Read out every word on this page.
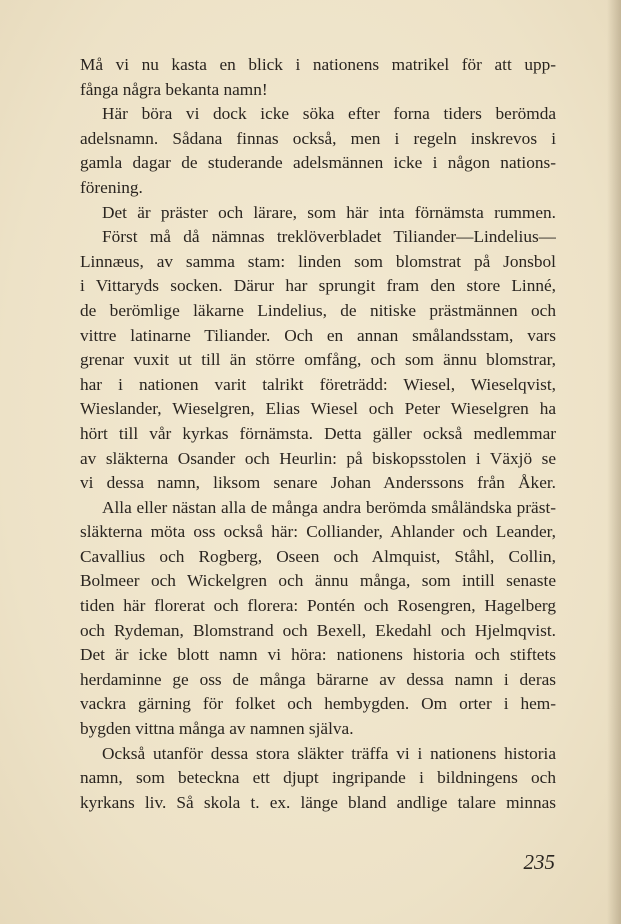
Må vi nu kasta en blick i nationens matrikel för att upp-
fånga några bekanta namn!
Här böra vi dock icke söka efter forna tiders berömda
adelsnamn. Sådana finnas också, men i regeln inskrevos i
gamla dagar de studerande adelsmännen icke i någon nations-
förening.
Det är präster och lärare, som här inta förnämsta rummen.
Först må då nämnas treklöverbladet Tiliander—Lindelius—
Linnæus, av samma stam: linden som blomstrat på Jonsbol
i Vittaryds socken. Därur har sprungit fram den store Linné,
de berömlige läkarne Lindelius, de nitiske prästmännen och
vittre latinarne Tiliander. Och en annan smålandsstam, vars
grenar vuxit ut till än större omfång, och som ännu blomstrar,
har i nationen varit talrikt företrädd: Wiesel, Wieselqvist,
Wieslander, Wieselgren, Elias Wiesel och Peter Wieselgren ha
hört till vår kyrkas förnämsta. Detta gäller också medlemmar
av släkterna Osander och Heurlin: på biskopsstolen i Växjö se
vi dessa namn, liksom senare Johan Anderssons från Åker.
Alla eller nästan alla de många andra berömda småländska präst-
släkterna möta oss också här: Colliander, Ahlander och Leander,
Cavallius och Rogberg, Oseen och Almquist, Ståhl, Collin,
Bolmeer och Wickelgren och ännu många, som intill senaste
tiden här florerat och florera: Pontén och Rosengren, Hagelberg
och Rydeman, Blomstrand och Bexell, Ekedahl och Hjelmqvist.
Det är icke blott namn vi höra: nationens historia och stiftets
herdaminne ge oss de många bärarne av dessa namn i deras
vackra gärning för folket och hembygden. Om orter i hem-
bygden vittna många av namnen själva.
Också utanför dessa stora släkter träffa vi i nationens historia
namn, som beteckna ett djupt ingripande i bildningens och
kyrkans liv. Så skola t. ex. länge bland andlige talare minnas
235
